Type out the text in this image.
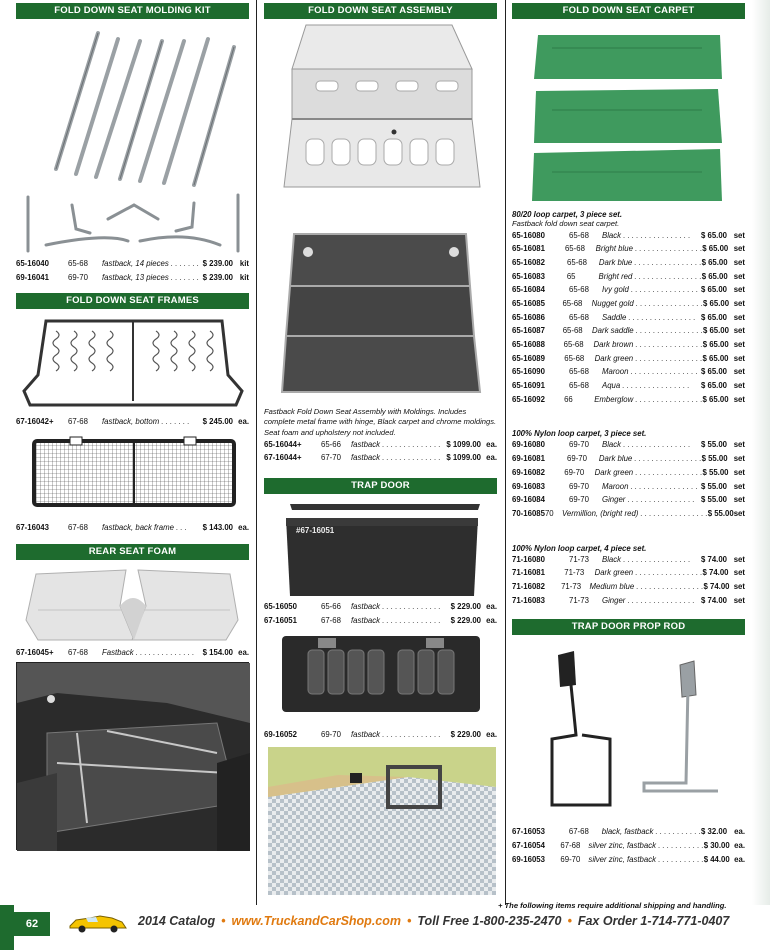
FOLD DOWN SEAT MOLDING KIT
65-16040	65-68	fastback, 14 pieces . . . . . . . $ 239.00 kit
69-16041	69-70	fastback, 13 pieces . . . . . . . $ 239.00 kit
FOLD DOWN SEAT FRAMES
67-16042+	67-68	fastback, bottom . . . . . . .	$ 245.00 ea.
67-16043	67-68	fastback, back frame . . .	$ 143.00 ea.
REAR SEAT FOAM
67-16045+	67-68	Fastback . . . . . . . . . . . . . .	$ 154.00 ea.
FOLD DOWN SEAT ASSEMBLY
Fastback Fold Down Seat Assembly with Moldings. Includes complete metal frame with hinge, Black carpet and chrome moldings.
Seat foam and upholstery not included.
65-16044+	65-66	fastback . . . . . . . . . . . . . . $ 1099.00 ea.
67-16044+	67-70	fastback . . . . . . . . . . . . . . $ 1099.00 ea.
TRAP DOOR
#67-16051
65-16050	65-66	fastback . . . . . . . . . . . . . .	$ 229.00 ea.
67-16051	67-68	fastback . . . . . . . . . . . . . .	$ 229.00 ea.
69-16052	69-70	fastback . . . . . . . . . . . . . .	$ 229.00 ea.
FOLD DOWN SEAT CARPET
80/20 loop carpet, 3 piece set.
Fastback fold down seat carpet.
65-16080	65-68	Black . . . . . . . . . . . . . . . .	$ 65.00 set
65-16081	65-68	Bright blue . . . . . . . . . . . . . . . . $ 65.00 set
65-16082	65-68	Dark blue . . . . . . . . . . . . . . . . $ 65.00 set
65-16083	65	Bright red . . . . . . . . . . . . . . . . $ 65.00 set
65-16084	65-68	Ivy gold . . . . . . . . . . . . . . . . $ 65.00 set
65-16085	65-68	Nugget gold . . . . . . . . . . . . . . . . $ 65.00 set
65-16086	65-68	Saddle . . . . . . . . . . . . . . . . $ 65.00 set
65-16087	65-68	Dark saddle . . . . . . . . . . . . . . . . $ 65.00 set
65-16088	65-68	Dark brown . . . . . . . . . . . . . . . . $ 65.00 set
65-16089	65-68	Dark green . . . . . . . . . . . . . . . . $ 65.00 set
65-16090	65-68	Maroon . . . . . . . . . . . . . . . . $ 65.00 set
65-16091	65-68	Aqua . . . . . . . . . . . . . . . .	$ 65.00 set
65-16092	66	Emberglow . . . . . . . . . . . . . . . . $ 65.00 set
100% Nylon loop carpet, 3 piece set.
69-16080	69-70	Black . . . . . . . . . . . . . . . .	$ 55.00 set
69-16081	69-70	Dark blue . . . . . . . . . . . . . . . . $ 55.00 set
69-16082	69-70	Dark green . . . . . . . . . . . . . . . . $ 55.00 set
69-16083	69-70	Maroon . . . . . . . . . . . . . . . . $ 55.00 set
69-16084	69-70	Ginger . . . . . . . . . . . . . . . . $ 55.00 set
70-16085 70	Vermillion, (bright red) . . . . . . . . . . . . . . . . $ 55.00 set
100% Nylon loop carpet, 4 piece set.
71-16080	71-73	Black . . . . . . . . . . . . . . . .	$ 74.00 set
71-16081	71-73	Dark green . . . . . . . . . . . . . . . . $ 74.00 set
71-16082	71-73	Medium blue . . . . . . . . . . . . . . . . $ 74.00 set
71-16083	71-73	Ginger . . . . . . . . . . . . . . . . $ 74.00 set
TRAP DOOR PROP ROD
67-16053	67-68	black, fastback . . . . . . . . . . . $ 32.00 ea.
67-16054	67-68	silver zinc, fastback . . . . . . . . . . . $ 30.00 ea.
69-16053	69-70	silver zinc, fastback . . . . . . . . . . . $ 44.00 ea.
+ The following items require additional shipping and handling.
62	2014 Catalog • www.TruckandCarShop.com • Toll Free 1-800-235-2470 • Fax Order 1-714-771-0407
